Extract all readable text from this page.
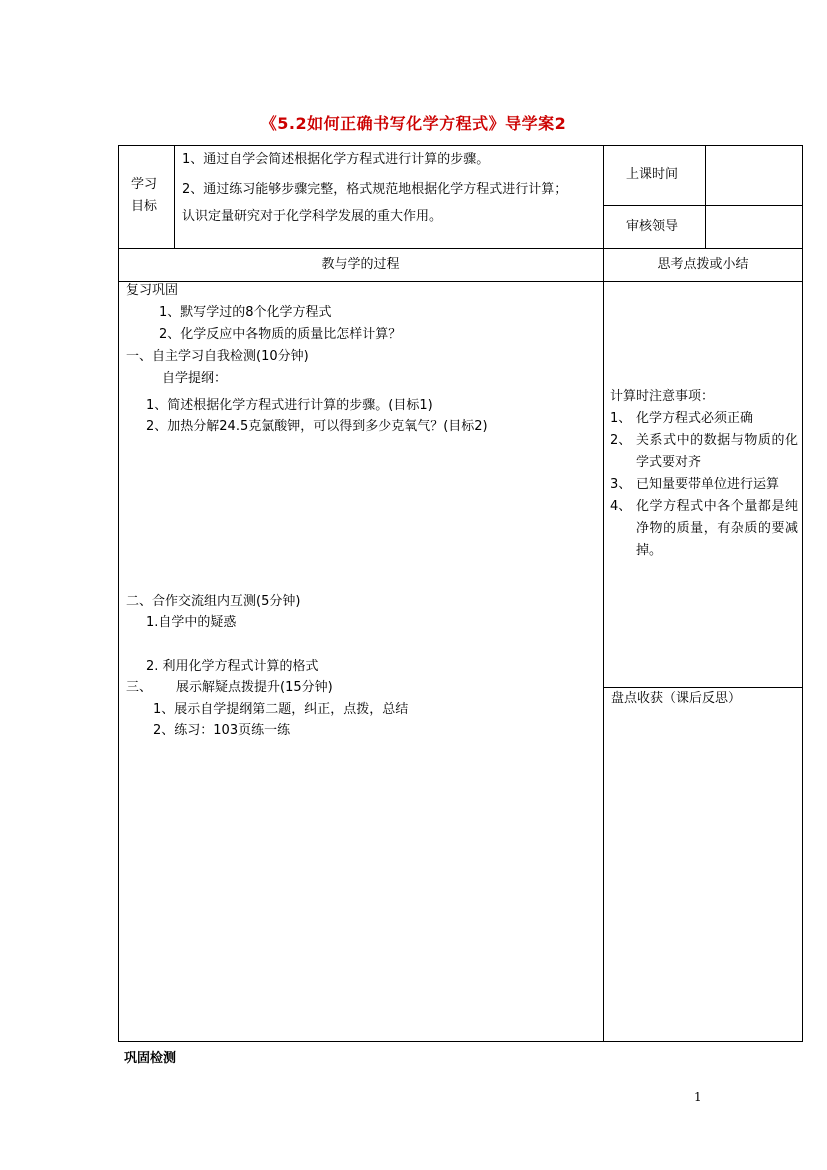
《5.2如何正确书写化学方程式》导学案2
学习
目标
1、通过自学会简述根据化学方程式进行计算的步骤。
2、通过练习能够步骤完整，格式规范地根据化学方程式进行计算；
认识定量研究对于化学科学发展的重大作用。
上课时间
审核领导
教与学的过程	思考点拨或小结
复习巩固
1、默写学过的8个化学方程式
2、化学反应中各物质的质量比怎样计算？
一、自主学习自我检测(10分钟)
自学提纲：
1、简述根据化学方程式进行计算的步骤。(目标1)
2、加热分解24.5克氯酸钾，可以得到多少克氧气？(目标2)
二、合作交流组内互测(5分钟)
1.自学中的疑惑
2. 利用化学方程式计算的格式
三、 展示解疑点拨提升(15分钟)
1、展示自学提纲第二题，纠正，点拨，总结
2、练习：103页练一练
计算时注意事项：
1、 化学方程式必须正确
2、 关系式中的数据与物质的化学式要对齐
3、 已知量要带单位进行运算
4、 化学方程式中各个量都是纯净物的质量，有杂质的要减掉。
盘点收获（课后反思）
巩固检测
1
